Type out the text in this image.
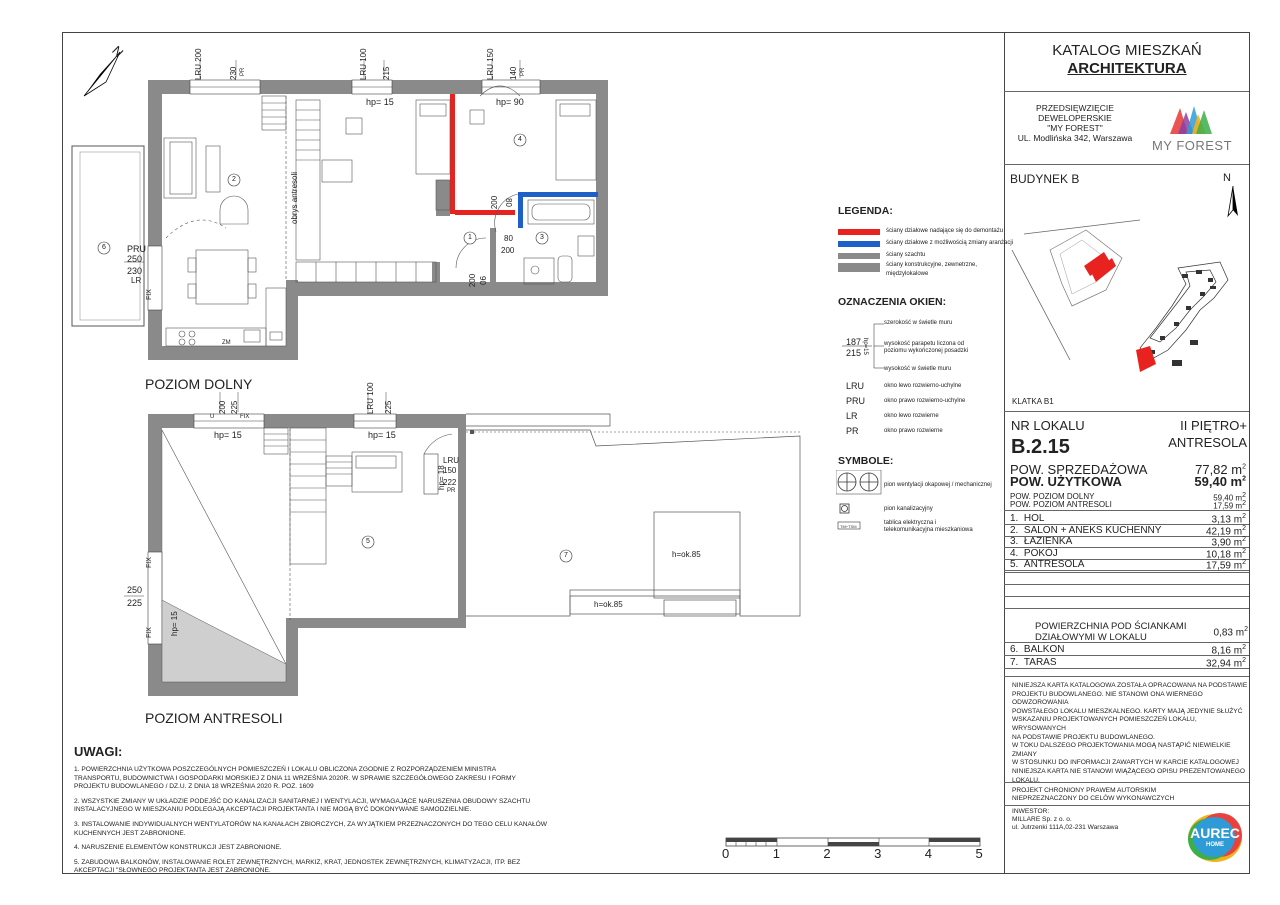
KATALOG MIESZKAŃ
ARCHITEKTURA
PRZEDSIĘWZIĘCIE
DEWELOPERSKIE
"MY FOREST"
UL. Modlińska 342, Warszawa	MY FOREST
BUDYNEK B	N
KLATKA B1
NR LOKALU	II PIĘTRO+
B.2.15	ANTRESOLA
POW. SPRZEDAŻOWA	77,82 $m^2$
POW. UŻYTKOWA	59,40 $m^2$
POW. POZIOM DOLNY	59,40 $m^2$
POW. POZIOM ANTRESOLI	17,59 $m^2$
1. HOL	3,13 $m^2$
2. SALON + ANEKS KUCHENNY	42,19 $m^2$
3. ŁAZIENKA	3,90 $m^2$
4. POKÓJ	10,18 $m^2$
5. ANTRESOLA	17,59 $m^2$
POWIERZCHNIA POD ŚCIANKAMI
DZIAŁOWYMI W LOKALU	0,83 $m^2$
6. BALKON	8,16 $m^2$
7. TARAS	32,94 $m^2$
NINIEJSZA KARTA KATALOGOWA ZOSTAŁA OPRACOWANA NA PODSTAWIE
PROJEKTU BUDOWLANEGO. NIE STANOWI ONA WIERNEGO ODWZOROWANIA
POWSTAŁEGO LOKALU MIESZKALNEGO. KARTY MAJĄ JEDYNIE SŁUŻYĆ
WSKAZANIU PROJEKTOWANYCH POMIESZCZEŃ LOKALU, WRYSOWANYCH
NA PODSTAWIE PROJEKTU BUDOWLANEGO.
W TOKU DALSZEGO PROJEKTOWANIA MOGĄ NASTĄPIĆ NIEWIELKIE ZMIANY
W STOSUNKU DO INFORMACJI ZAWARTYCH W KARCIE KATALOGOWEJ
NINIEJSZA KARTA NIE STANOWI WIĄŻĄCEGO OPISU PREZENTOWANEGO
LOKALU.
PROJEKT CHRONIONY PRAWEM AUTORSKIM
NIEPRZEZNACZONY DO CELÓW WYKONAWCZYCH
INWESTOR:
MILLARE Sp. z o. o.
ul. Jutrzenki 111A,02-231 Warszawa	AUREC
HOME
LEGENDA:
ściany działowe nadające się do demontażu
ściany działowe z możliwością zmiany aranżacji
ściany szachtu
ściany konstrukcyjne, zewnetrzne,
międzylokalowe
OZNACZENIA OKIEN:
187
215 hp=15
szerokość w świetle muru
wysokość parapetu liczona od
poziomu wykończonej posadzki
wysokość w świetle muru
LRU	okno lewo rozwierno-uchylne
PRU	okno prawo rozwierno-uchylne
LR	okno lewo rozwierne
PR	okno prawo rozwierne
SYMBOLE:
TM+TSM
pion wentylacji okapowej / mechanicznej
pion kanalizacyjny
tablica elektryczna i
telekomunikacyjna mieszkaniowa
N	LRU 200	230 PR	LRU 100 215	LRU 150 140 PR
hp= 15	hp= 90
PRU
250
230
LR
FIX
obrys antresoli
ZM
2
1	3
4
6
80
200
80
200
90
200
POZIOM DOLNY
200 225
FIX
U
LRU 100 225
hp= 15	hp= 15
LRU
150
222
PR
hp= 18
250
225
FIX
FIX hp= 15
5
7	h=ok.85
h=ok.85
POZIOM ANTRESOLI
UWAGI:
1. POWIERZCHNIA UŻYTKOWA POSZCZEGÓLNYCH POMIESZCZEŃ I LOKALU OBLICZONA ZGODNIE Z ROZPORZĄDZENIEM MINISTRA
TRANSPORTU, BUDOWNICTWA I GOSPODARKI MORSKIEJ Z DNIA 11 WRZEŚNIA 2020R. W SPRAWIE SZCZEGÓŁOWEGO ZAKRESU I FORMY
PROJEKTU BUDOWLANEGO / DZ.U. Z DNIA 18 WRZEŚNIA 2020 R. POZ. 1609
2. WSZYSTKIE ZMIANY W UKŁADZIE PODEJŚĆ DO KANALIZACJI SANITARNEJ I WENTYLACJI, WYMAGAJĄCE NARUSZENIA OBUDOWY SZACHTU
INSTALACYJNEGO W MIESZKANIU PODLEGAJĄ AKCEPTACJI PROJEKTANTA I NIE MOGĄ BYĆ DOKONYWANE SAMODZIELNIE.
3. INSTALOWANIE INDYWIDUALNYCH WENTYLATORÓW NA KANAŁACH ZBIORCZYCH, ZA WYJĄTKIEM PRZEZNACZONYCH DO TEGO CELU KANAŁÓW
KUCHENNYCH JEST ZABRONIONE.
4. NARUSZENIE ELEMENTÓW KONSTRUKCJI JEST ZABRONIONE.
5. ZABUDOWA BALKONÓW, INSTALOWANIE ROLET ZEWNĘTRZNYCH, MARKIZ, KRAT, JEDNOSTEK ZEWNĘTRZNYCH, KLIMATYZACJI, ITP. BEZ
AKCEPTACJI "SŁOWNEGO PROJEKTANTA JEST ZABRONIONE.
0	1	2	3	4	5
